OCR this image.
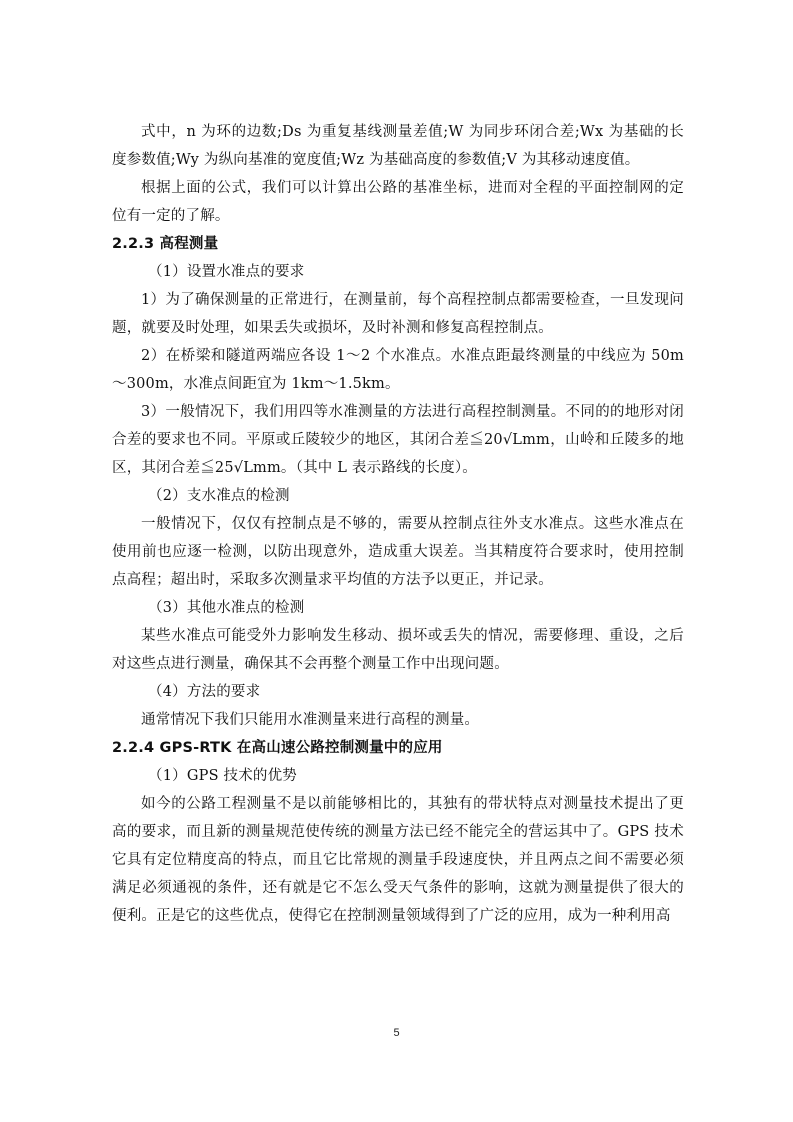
式中，n 为环的边数;Ds 为重复基线测量差值;W 为同步环闭合差;Wx 为基础的长度参数值;Wy 为纵向基准的宽度值;Wz 为基础高度的参数值;V 为其移动速度值。

根据上面的公式，我们可以计算出公路的基准坐标，进而对全程的平面控制网的定位有一定的了解。

2.2.3 高程测量

（1）设置水准点的要求

1）为了确保测量的正常进行，在测量前，每个高程控制点都需要检查，一旦发现问题，就要及时处理，如果丢失或损坏，及时补测和修复高程控制点。

2）在桥梁和隧道两端应各设 1～2 个水准点。水准点距最终测量的中线应为 50m～300m，水准点间距宜为 1km～1.5km。

3）一般情况下，我们用四等水准测量的方法进行高程控制测量。不同的的地形对闭合差的要求也不同。平原或丘陵较少的地区，其闭合差≦20√Lmm，山岭和丘陵多的地区，其闭合差≦25√Lmm。（其中 L 表示路线的长度）。

（2）支水准点的检测

一般情况下，仅仅有控制点是不够的，需要从控制点往外支水准点。这些水准点在使用前也应逐一检测，以防出现意外，造成重大误差。当其精度符合要求时，使用控制点高程；超出时，采取多次测量求平均值的方法予以更正，并记录。

（3）其他水准点的检测

某些水准点可能受外力影响发生移动、损坏或丢失的情况，需要修理、重设，之后对这些点进行测量，确保其不会再整个测量工作中出现问题。

（4）方法的要求

通常情况下我们只能用水准测量来进行高程的测量。

2.2.4 GPS-RTK 在高山速公路控制测量中的应用

（1）GPS 技术的优势

如今的公路工程测量不是以前能够相比的，其独有的带状特点对测量技术提出了更高的要求，而且新的测量规范使传统的测量方法已经不能完全的营运其中了。GPS 技术它具有定位精度高的特点，而且它比常规的测量手段速度快，并且两点之间不需要必须满足必须通视的条件，还有就是它不怎么受天气条件的影响，这就为测量提供了很大的便利。正是它的这些优点，使得它在控制测量领域得到了广泛的应用，成为一种利用高

5
